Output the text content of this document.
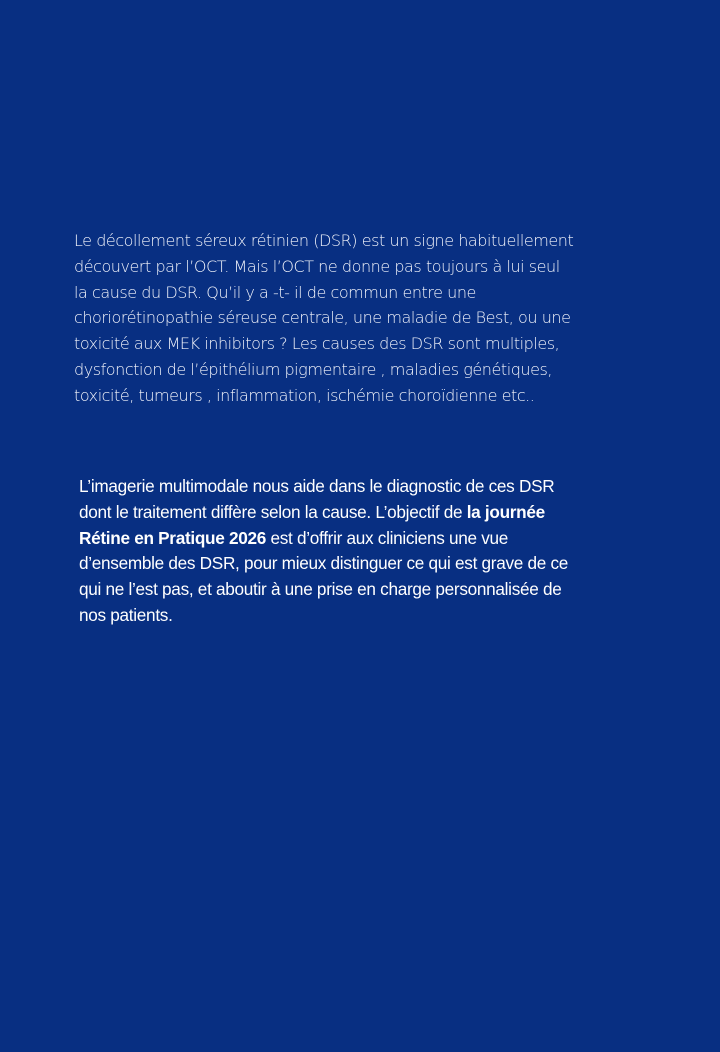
Le décollement séreux rétinien (DSR) est un signe habituellement
découvert par l’OCT. Mais l’OCT ne donne pas toujours à lui seul
la cause du DSR. Qu’il y a -t- il de commun entre une
choriorétinopathie séreuse centrale, une maladie de Best, ou une
toxicité aux MEK inhibitors ? Les causes des DSR sont multiples,
dysfonction de l’épithélium pigmentaire , maladies génétiques,
toxicité, tumeurs , inflammation, ischémie choroïdienne etc..

L’imagerie multimodale nous aide dans le diagnostic de ces DSR
dont le traitement diffère selon la cause. L’objectif de la journée
Rétine en Pratique 2026 est d’offrir aux cliniciens une vue
d’ensemble des DSR, pour mieux distinguer ce qui est grave de ce
qui ne l’est pas, et aboutir à une prise en charge personnalisée de
nos patients.
